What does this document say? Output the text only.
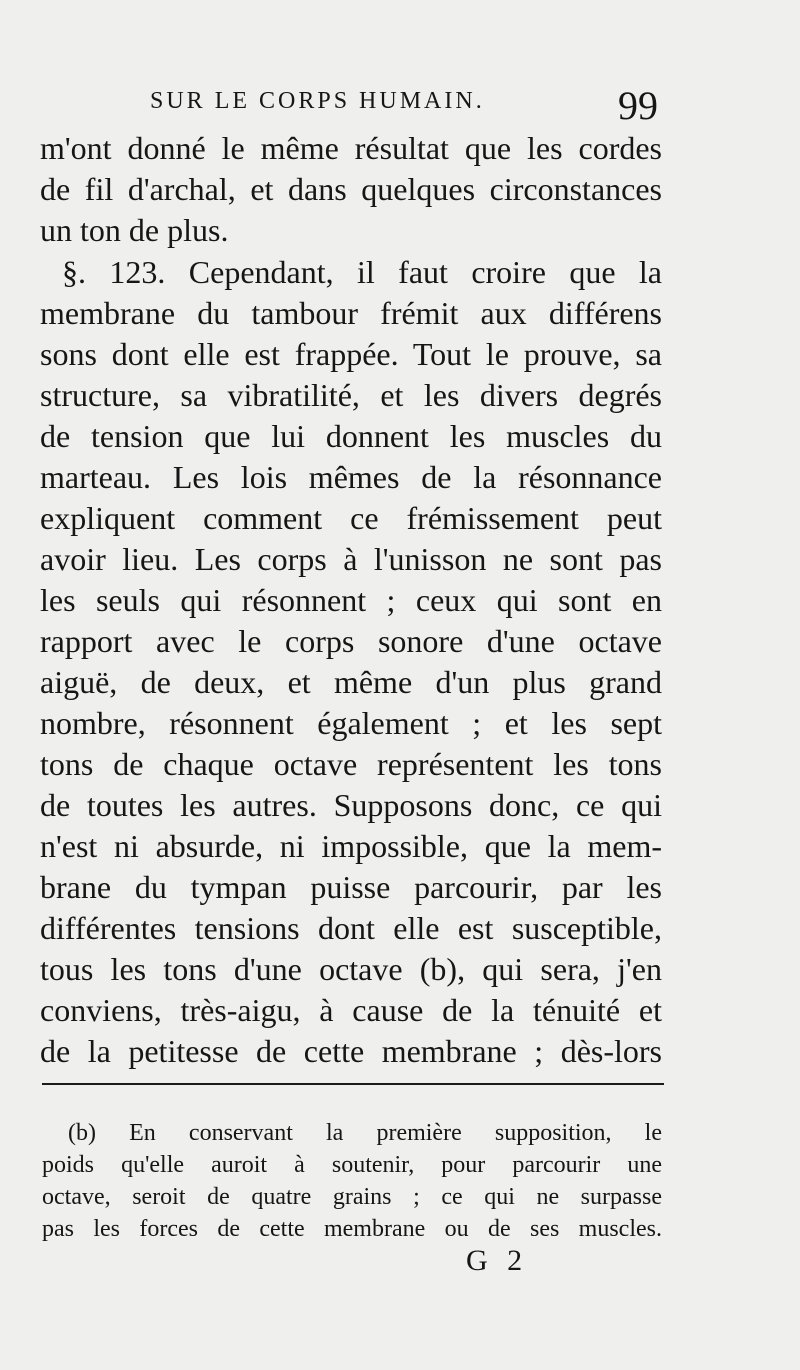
SUR LE CORPS HUMAIN.	99
m'ont donné le même résultat que les cordes
de fil d'archal, et dans quelques circonstances
un ton de plus.
§. 123. Cependant, il faut croire que la
membrane du tambour frémit aux différens
sons dont elle est frappée. Tout le prouve, sa
structure, sa vibratilité, et les divers degrés
de tension que lui donnent les muscles du
marteau. Les lois mêmes de la résonnance
expliquent comment ce frémissement peut
avoir lieu. Les corps à l'unisson ne sont pas
les seuls qui résonnent ; ceux qui sont en
rapport avec le corps sonore d'une octave
aiguë, de deux, et même d'un plus grand
nombre, résonnent également ; et les sept
tons de chaque octave représentent les tons
de toutes les autres. Supposons donc, ce qui
n'est ni absurde, ni impossible, que la mem-
brane du tympan puisse parcourir, par les
différentes tensions dont elle est susceptible,
tous les tons d'une octave (b), qui sera, j'en
conviens, très-aigu, à cause de la ténuité et
de la petitesse de cette membrane ; dès-lors
(b) En conservant la première supposition, le
poids qu'elle auroit à soutenir, pour parcourir une
octave, seroit de quatre grains ; ce qui ne surpasse
pas les forces de cette membrane ou de ses muscles.
G 2
